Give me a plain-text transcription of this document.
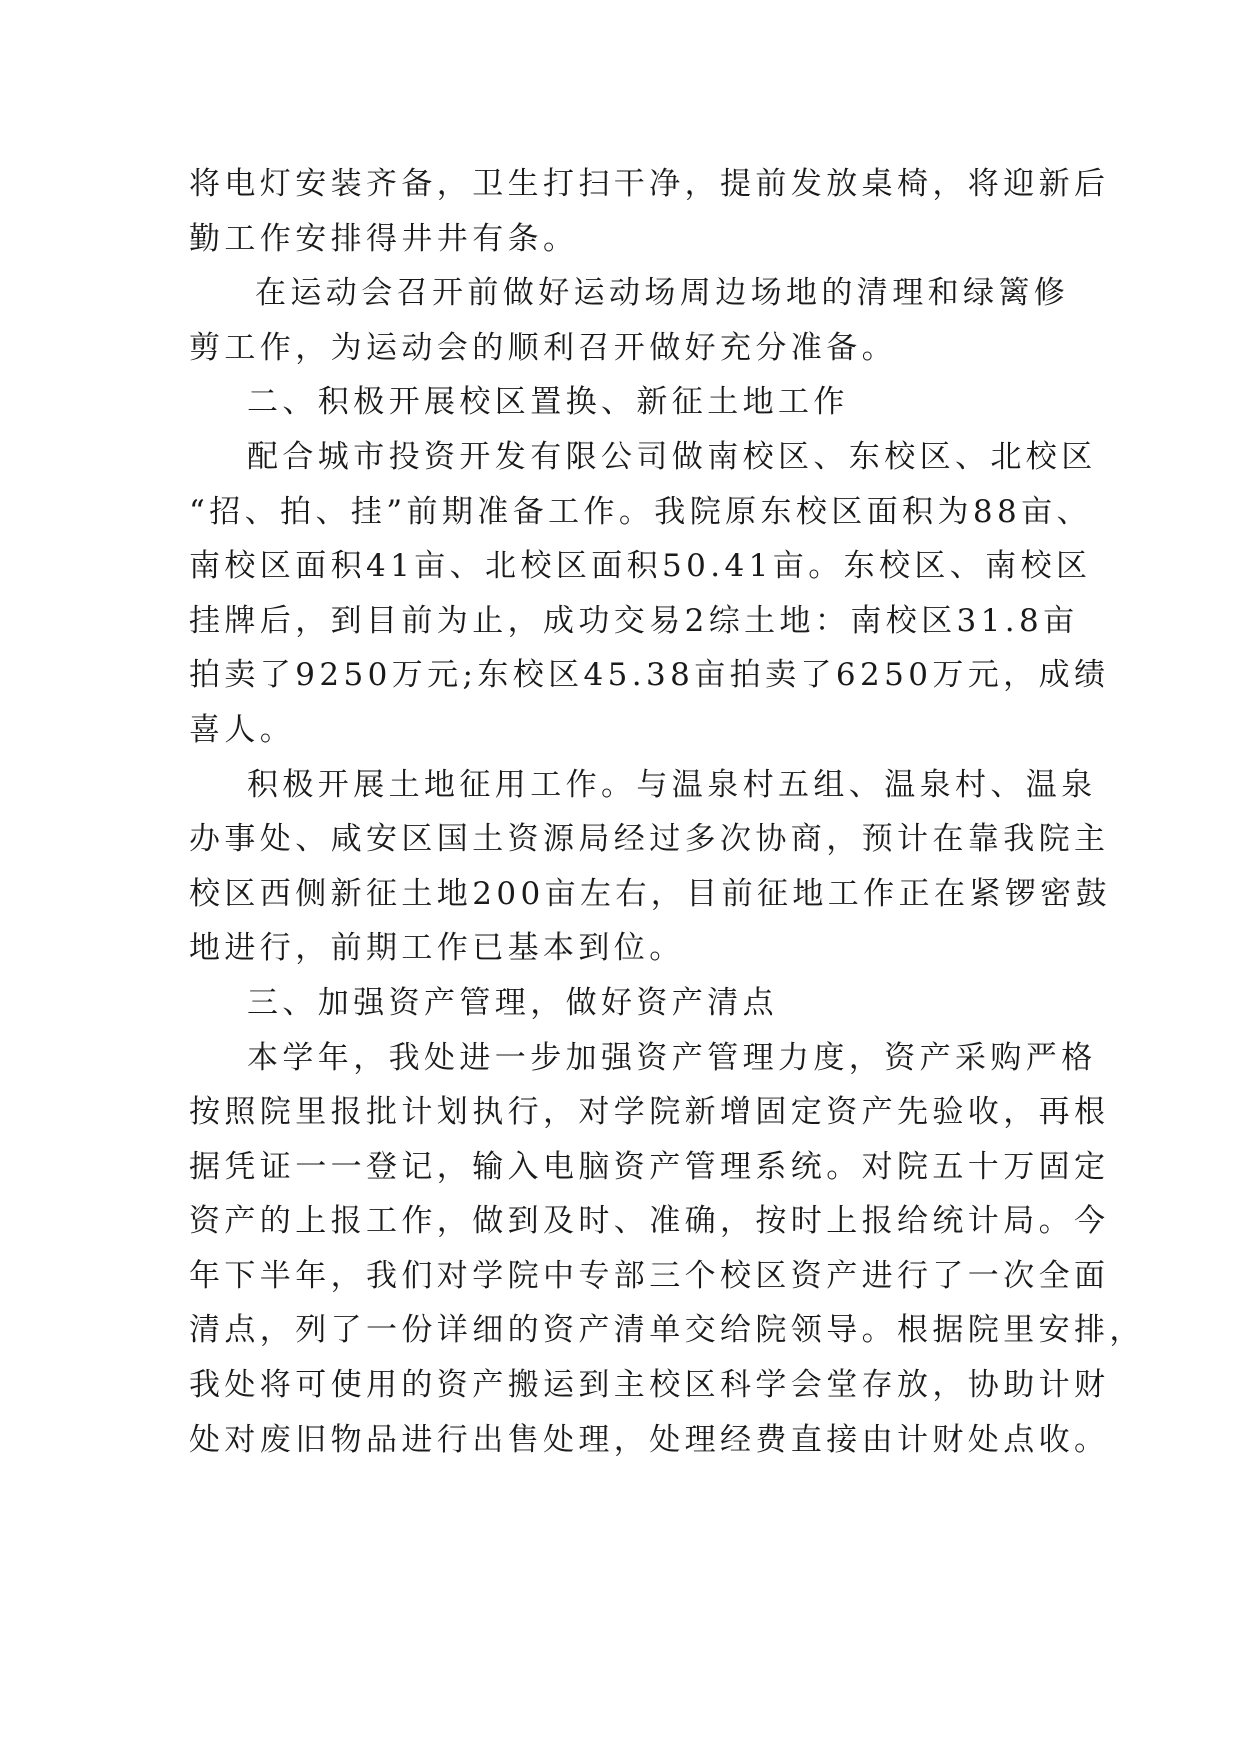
将电灯安装齐备，卫生打扫干净，提前发放桌椅，将迎新后
勤工作安排得井井有条。
在运动会召开前做好运动场周边场地的清理和绿篱修
剪工作，为运动会的顺利召开做好充分准备。
二、积极开展校区置换、新征土地工作
配合城市投资开发有限公司做南校区、东校区、北校区
“招、拍、挂”前期准备工作。我院原东校区面积为88亩、
南校区面积41亩、北校区面积50.41亩。东校区、南校区
挂牌后，到目前为止，成功交易2综土地：南校区31.8亩
拍卖了9250万元;东校区45.38亩拍卖了6250万元，成绩
喜人。
积极开展土地征用工作。与温泉村五组、温泉村、温泉
办事处、咸安区国土资源局经过多次协商，预计在靠我院主
校区西侧新征土地200亩左右，目前征地工作正在紧锣密鼓
地进行，前期工作已基本到位。
三、加强资产管理，做好资产清点
本学年，我处进一步加强资产管理力度，资产采购严格
按照院里报批计划执行，对学院新增固定资产先验收，再根
据凭证一一登记，输入电脑资产管理系统。对院五十万固定
资产的上报工作，做到及时、准确，按时上报给统计局。今
年下半年，我们对学院中专部三个校区资产进行了一次全面
清点，列了一份详细的资产清单交给院领导。根据院里安排，
我处将可使用的资产搬运到主校区科学会堂存放，协助计财
处对废旧物品进行出售处理，处理经费直接由计财处点收。
